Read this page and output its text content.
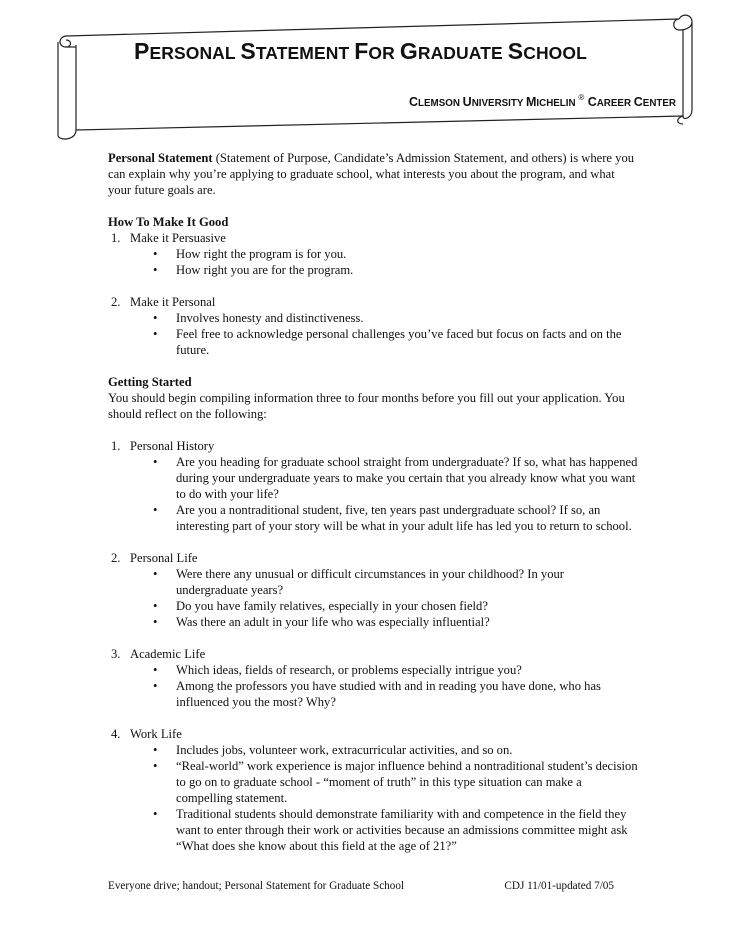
PERSONAL STATEMENT FOR GRADUATE SCHOOL
CLEMSON UNIVERSITY MICHELIN ® CAREER CENTER

Personal Statement (Statement of Purpose, Candidate’s Admission Statement, and others) is where you can explain why you’re applying to graduate school, what interests you about the program, and what your future goals are.

How To Make It Good

1. Make it Persuasive
• How right the program is for you.
• How right you are for the program.
2. Make it Personal
• Involves honesty and distinctiveness.
• Feel free to acknowledge personal challenges you’ve faced but focus on facts and on the future.

Getting Started

You should begin compiling information three to four months before you fill out your application. You should reflect on the following:

1. Personal History
• Are you heading for graduate school straight from undergraduate? If so, what has happened during your undergraduate years to make you certain that you already know what you want to do with your life?
• Are you a nontraditional student, five, ten years past undergraduate school? If so, an interesting part of your story will be what in your adult life has led you to return to school.
2. Personal Life
• Were there any unusual or difficult circumstances in your childhood? In your undergraduate years?
• Do you have family relatives, especially in your chosen field?
• Was there an adult in your life who was especially influential?
3. Academic Life
• Which ideas, fields of research, or problems especially intrigue you?
• Among the professors you have studied with and in reading you have done, who has influenced you the most? Why?
4. Work Life
• Includes jobs, volunteer work, extracurricular activities, and so on.
• “Real-world” work experience is major influence behind a nontraditional student’s decision to go on to graduate school - “moment of truth” in this type situation can make a compelling statement.
• Traditional students should demonstrate familiarity with and competence in the field they want to enter through their work or activities because an admissions committee might ask “What does she know about this field at the age of 21?”
Everyone drive; handout; Personal Statement for Graduate School	CDJ 11/01-updated 7/05
